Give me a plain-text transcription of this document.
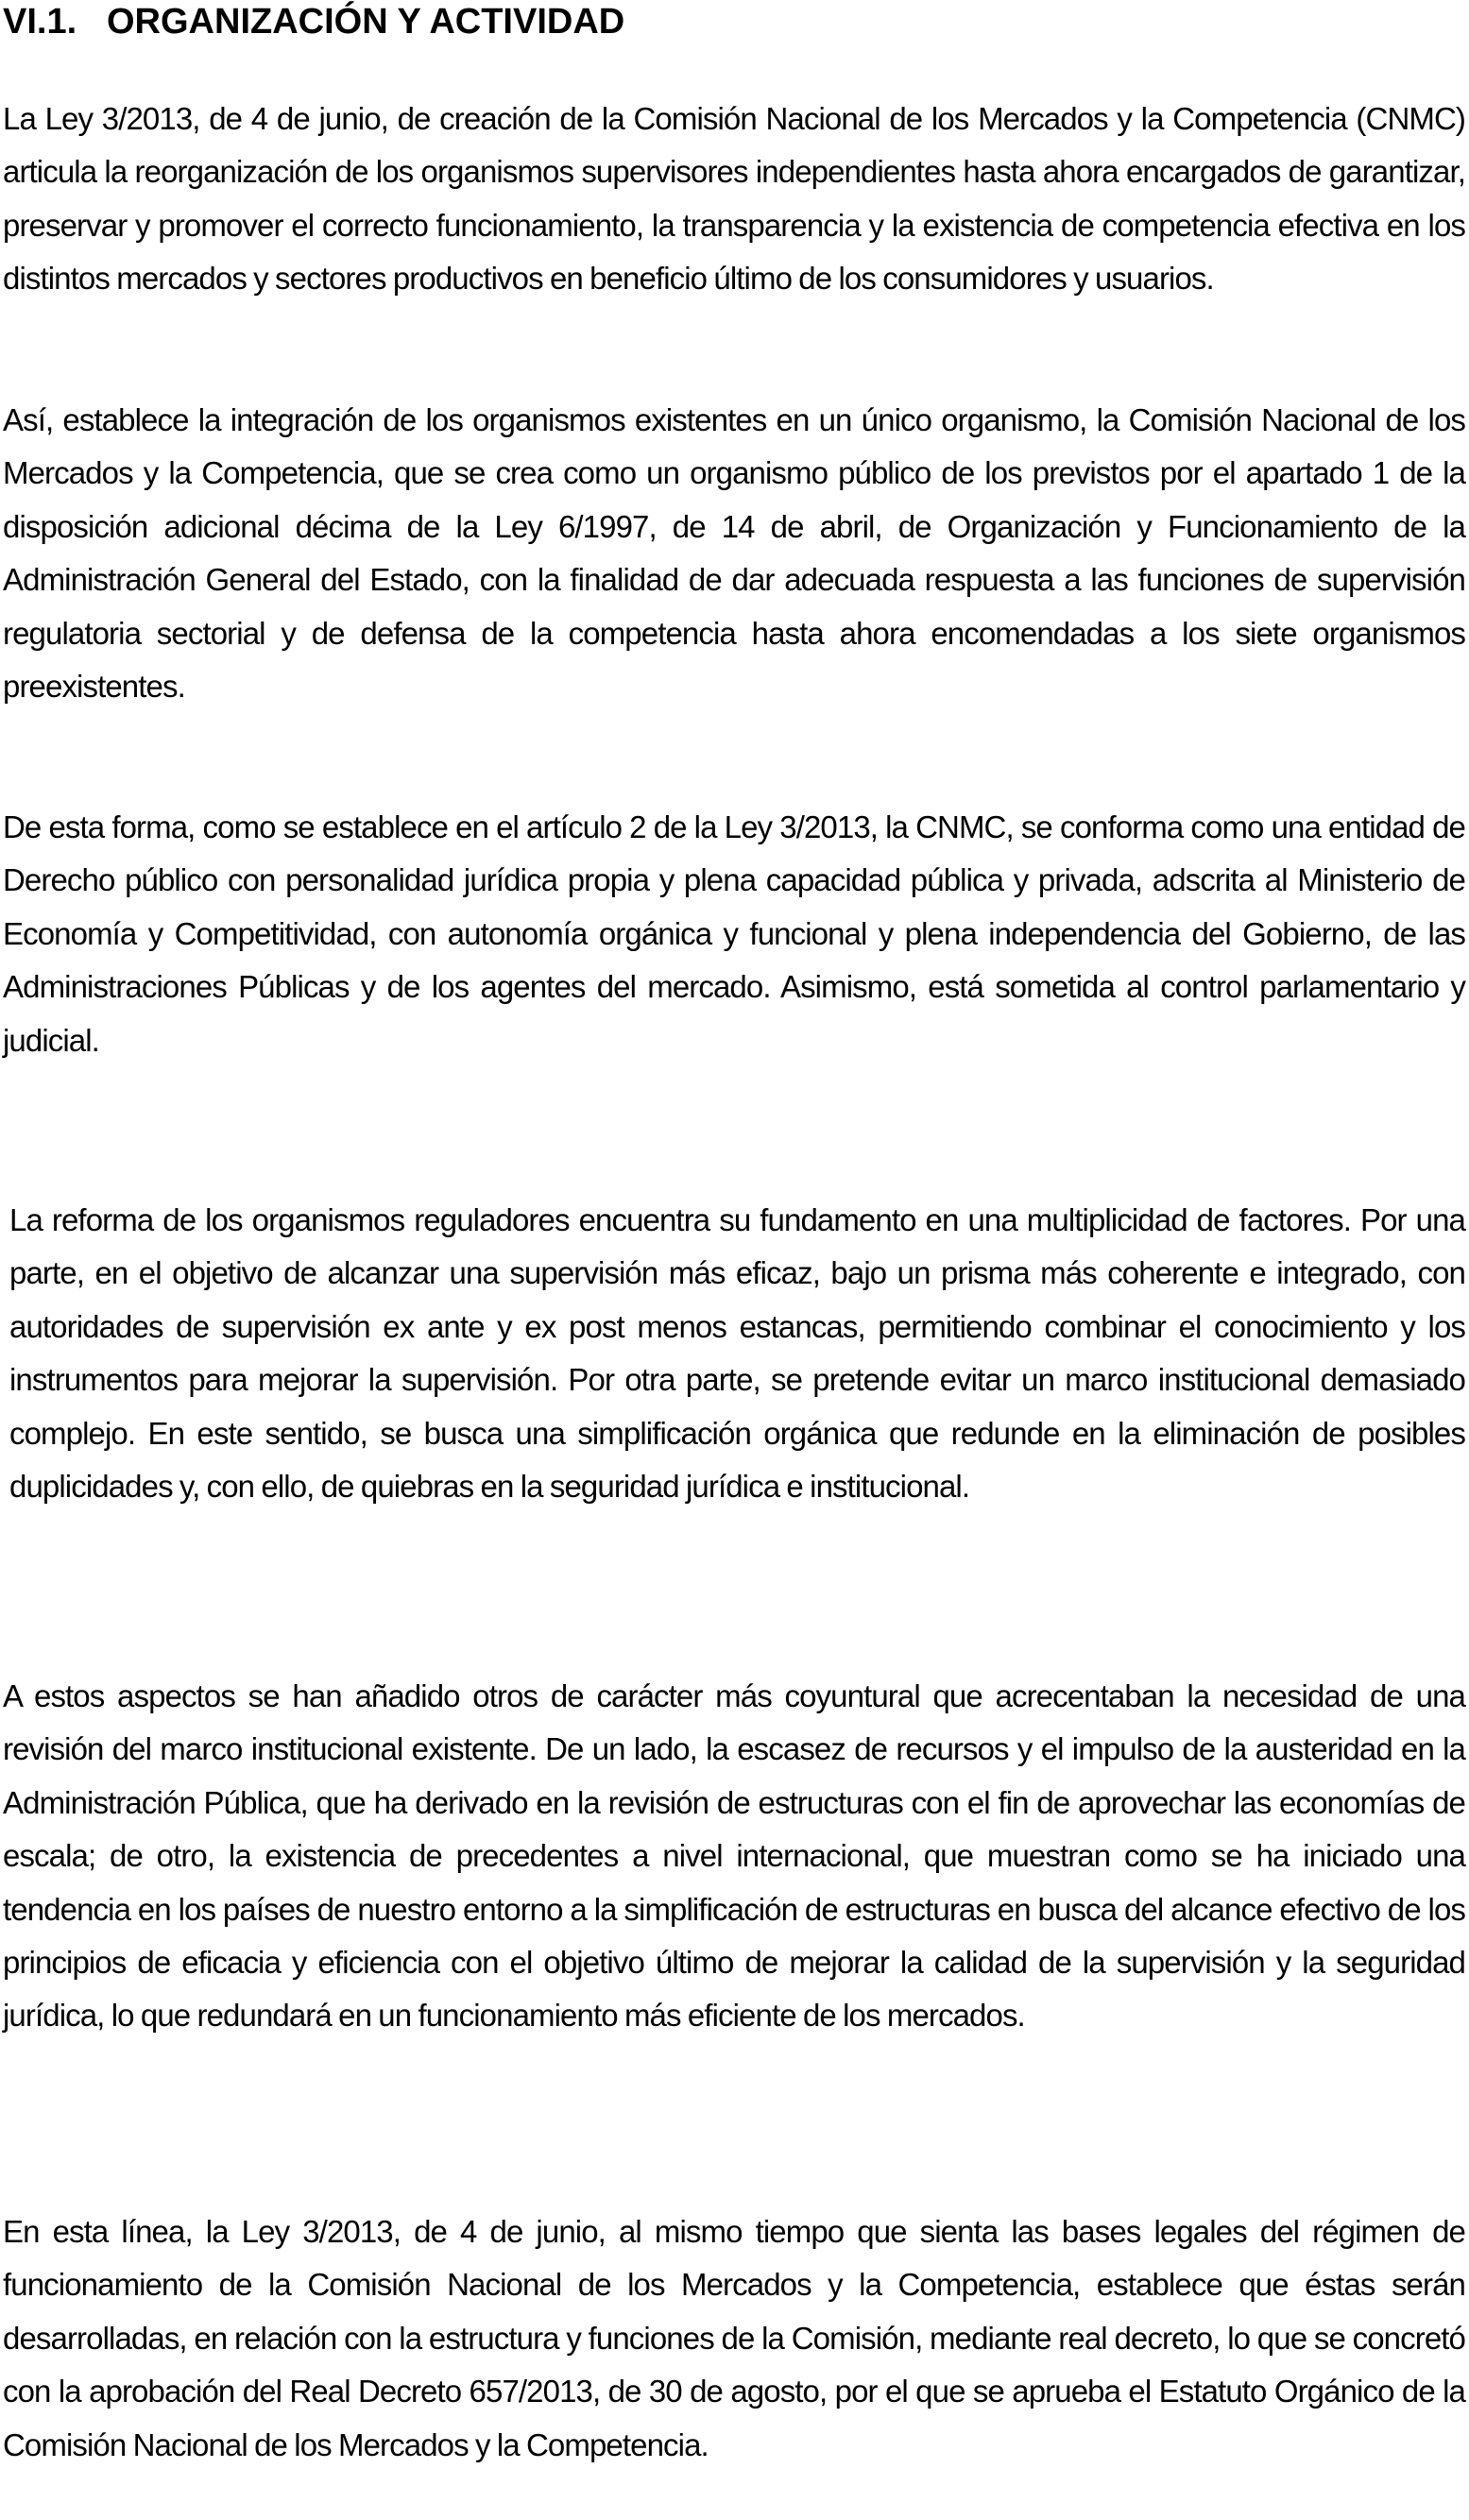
VI.1. ORGANIZACIÓN Y ACTIVIDAD

La Ley 3/2013, de 4 de junio, de creación de la Comisión Nacional de los Mercados y la Competencia (CNMC) articula la reorganización de los organismos supervisores independientes hasta ahora encargados de garantizar, preservar y promover el correcto funcionamiento, la transparencia y la existencia de competencia efectiva en los distintos mercados y sectores productivos en beneficio último de los consumidores y usuarios.

Así, establece la integración de los organismos existentes en un único organismo, la Comisión Nacional de los Mercados y la Competencia, que se crea como un organismo público de los previstos por el apartado 1 de la disposición adicional décima de la Ley 6/1997, de 14 de abril, de Organización y Funcionamiento de la Administración General del Estado, con la finalidad de dar adecuada respuesta a las funciones de supervisión regulatoria sectorial y de defensa de la competencia hasta ahora encomendadas a los siete organismos preexistentes.

De esta forma, como se establece en el artículo 2 de la Ley 3/2013, la CNMC, se conforma como una entidad de Derecho público con personalidad jurídica propia y plena capacidad pública y privada, adscrita al Ministerio de Economía y Competitividad, con autonomía orgánica y funcional y plena independencia del Gobierno, de las Administraciones Públicas y de los agentes del mercado. Asimismo, está sometida al control parlamentario y judicial.

La reforma de los organismos reguladores encuentra su fundamento en una multiplicidad de factores. Por una parte, en el objetivo de alcanzar una supervisión más eficaz, bajo un prisma más coherente e integrado, con autoridades de supervisión ex ante y ex post menos estancas, permitiendo combinar el conocimiento y los instrumentos para mejorar la supervisión. Por otra parte, se pretende evitar un marco institucional demasiado complejo. En este sentido, se busca una simplificación orgánica que redunde en la eliminación de posibles duplicidades y, con ello, de quiebras en la seguridad jurídica e institucional.

A estos aspectos se han añadido otros de carácter más coyuntural que acrecentaban la necesidad de una revisión del marco institucional existente. De un lado, la escasez de recursos y el impulso de la austeridad en la Administración Pública, que ha derivado en la revisión de estructuras con el fin de aprovechar las economías de escala; de otro, la existencia de precedentes a nivel internacional, que muestran como se ha iniciado una tendencia en los países de nuestro entorno a la simplificación de estructuras en busca del alcance efectivo de los principios de eficacia y eficiencia con el objetivo último de mejorar la calidad de la supervisión y la seguridad jurídica, lo que redundará en un funcionamiento más eficiente de los mercados.

En esta línea, la Ley 3/2013, de 4 de junio, al mismo tiempo que sienta las bases legales del régimen de funcionamiento de la Comisión Nacional de los Mercados y la Competencia, establece que éstas serán desarrolladas, en relación con la estructura y funciones de la Comisión, mediante real decreto, lo que se concretó con la aprobación del Real Decreto 657/2013, de 30 de agosto, por el que se aprueba el Estatuto Orgánico de la Comisión Nacional de los Mercados y la Competencia.
